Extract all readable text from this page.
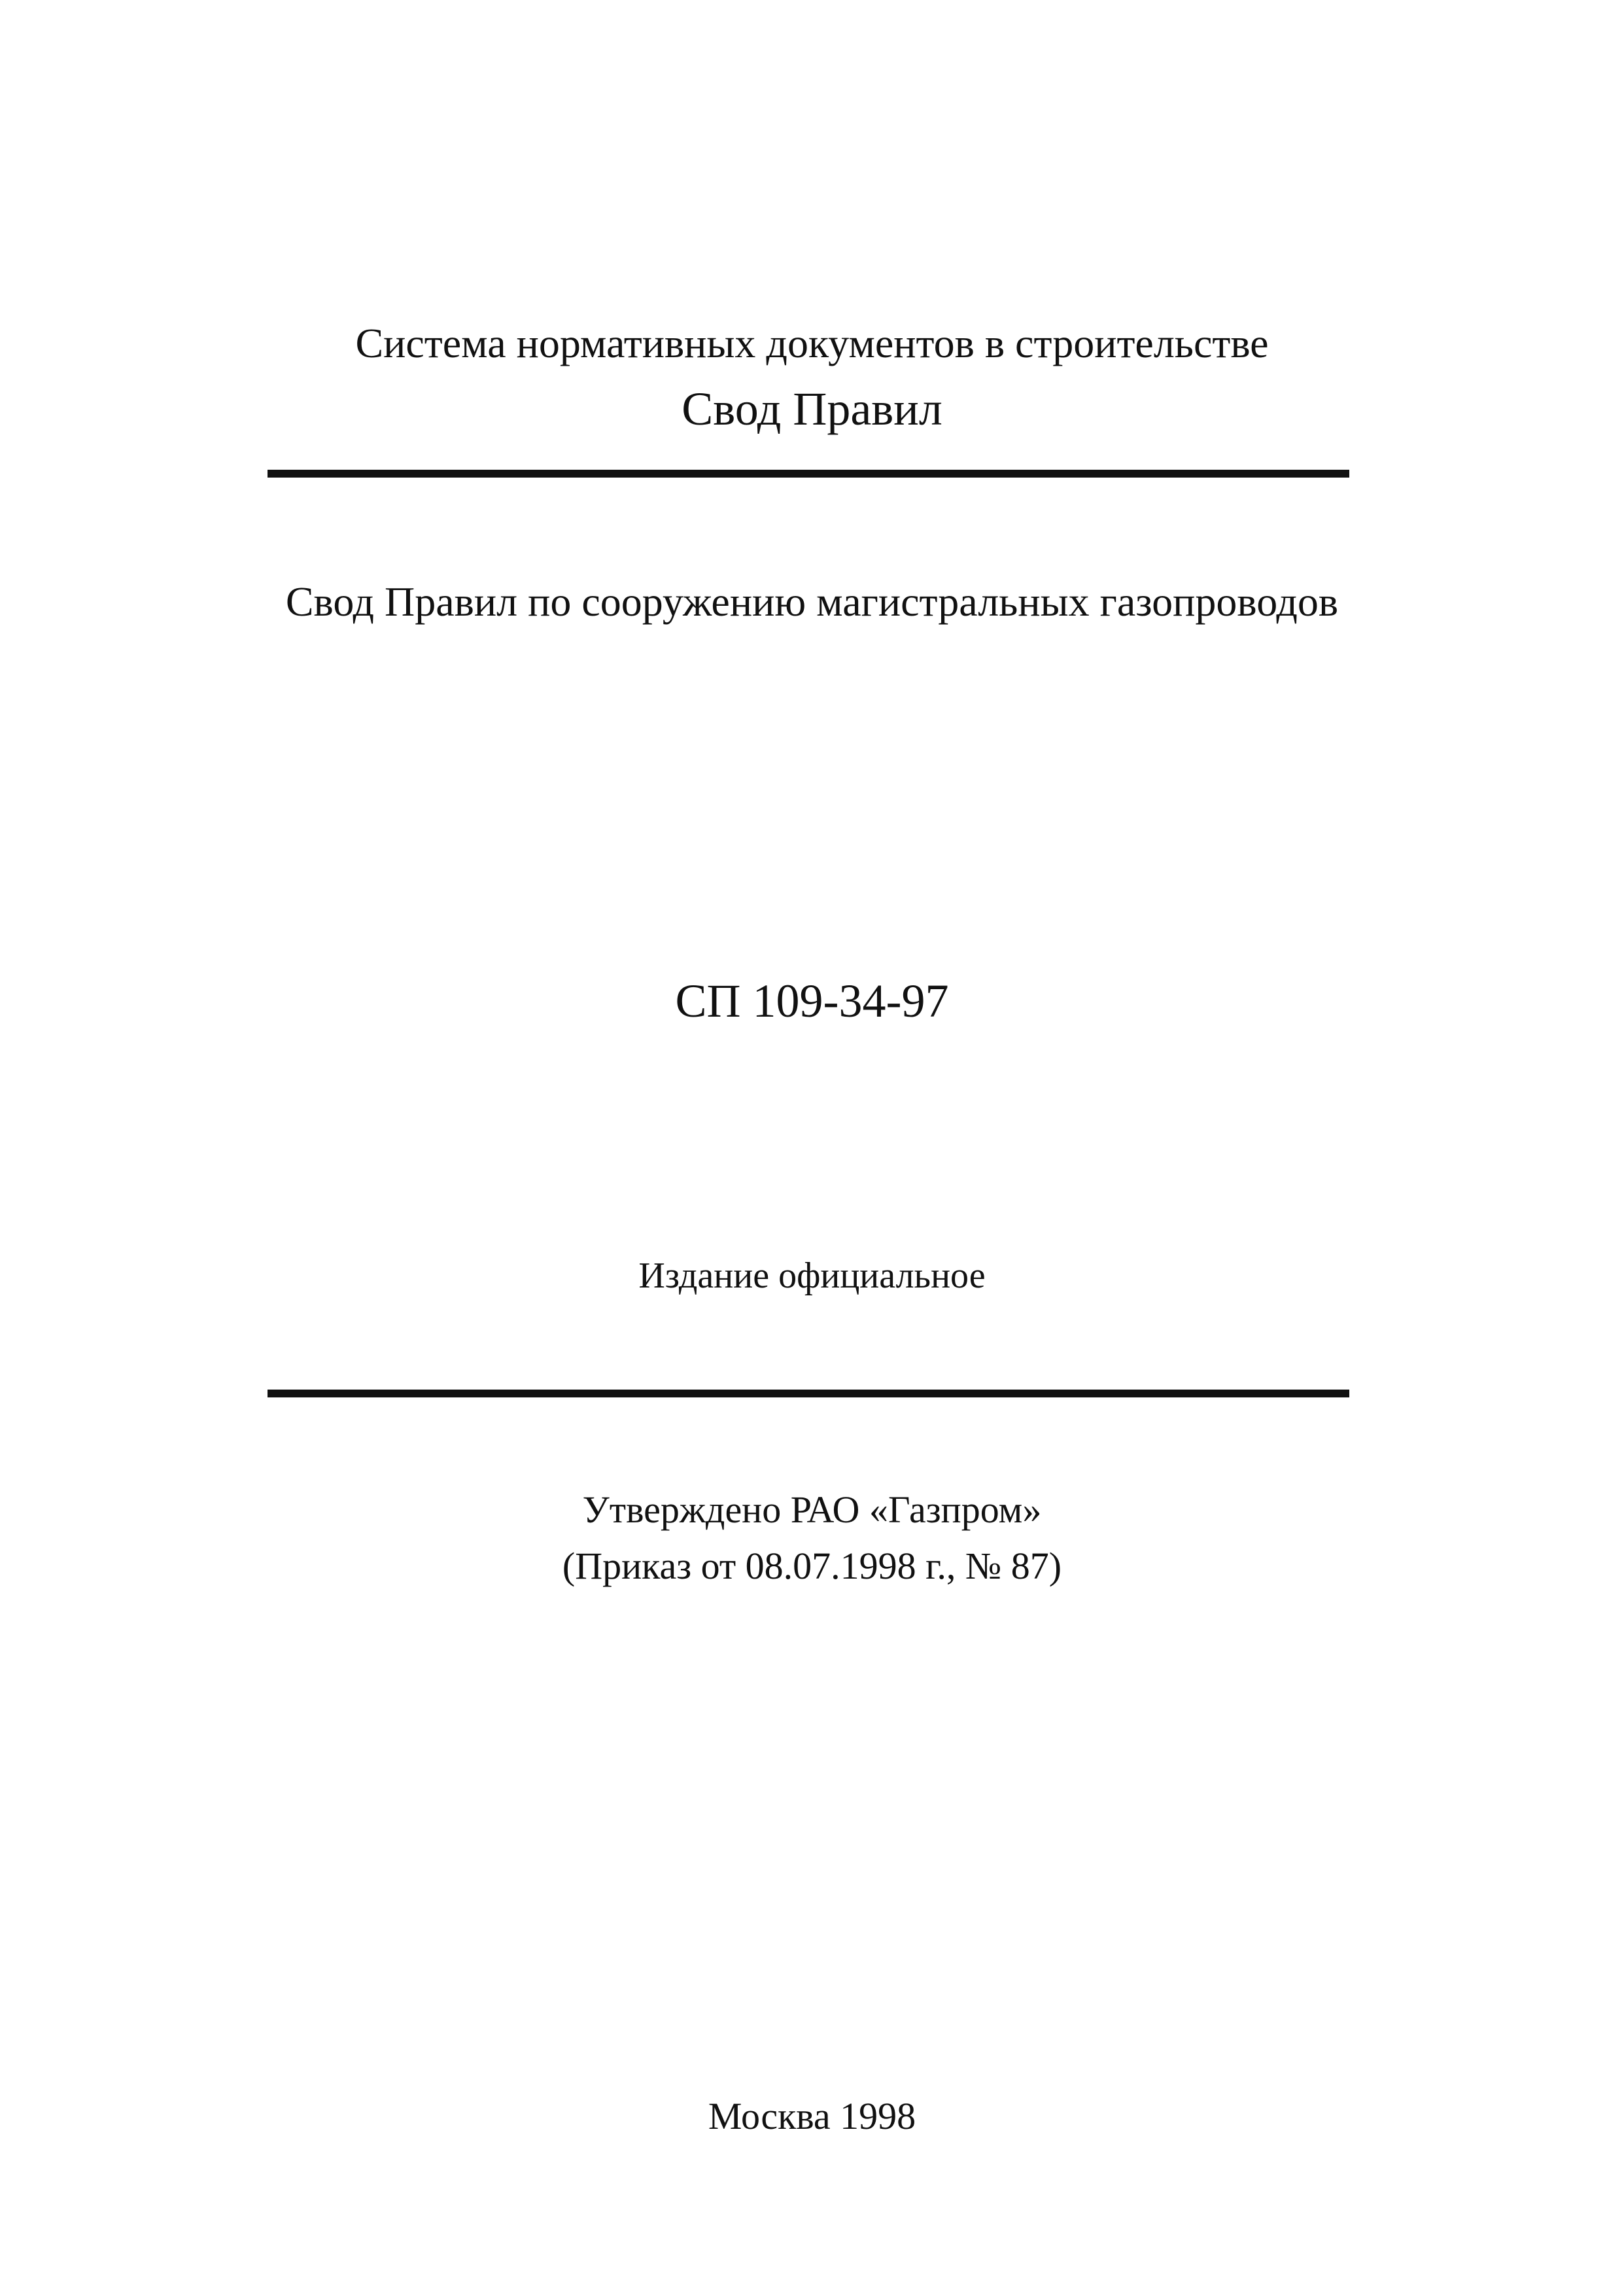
Система нормативных документов в строительстве
Свод Правил
Свод Правил по сооружению магистральных газопроводов
СП 109-34-97
Издание официальное
Утверждено РАО «Газпром»
(Приказ от 08.07.1998 г., № 87)
Москва 1998
